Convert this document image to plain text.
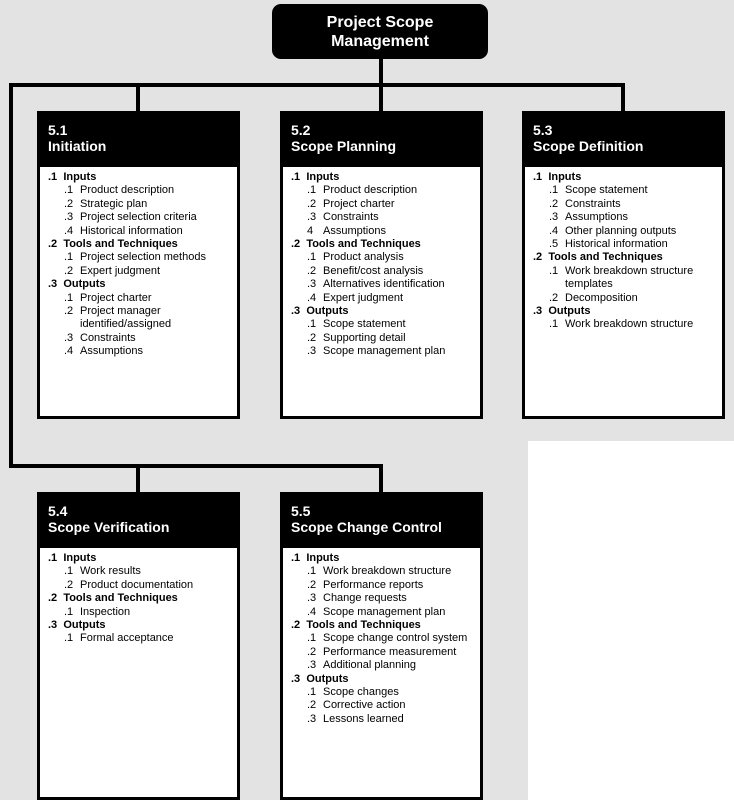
Project Scope
Management
5.1
Initiation
.1 Inputs
.1 Product description
.2 Strategic plan
.3 Project selection criteria
.4 Historical information
.2 Tools and Techniques
.1 Project selection methods
.2 Expert judgment
.3 Outputs
.1 Project charter
.2 Project manager identified/assigned
.3 Constraints
.4 Assumptions
5.2
Scope Planning
.1 Inputs
.1 Product description
.2 Project charter
.3 Constraints
4 Assumptions
.2 Tools and Techniques
.1 Product analysis
.2 Benefit/cost analysis
.3 Alternatives identification
.4 Expert judgment
.3 Outputs
.1 Scope statement
.2 Supporting detail
.3 Scope management plan
5.3
Scope Definition
.1 Inputs
.1 Scope statement
.2 Constraints
.3 Assumptions
.4 Other planning outputs
.5 Historical information
.2 Tools and Techniques
.1 Work breakdown structure templates
.2 Decomposition
.3 Outputs
.1 Work breakdown structure
5.4
Scope Verification
.1 Inputs
.1 Work results
.2 Product documentation
.2 Tools and Techniques
.1 Inspection
.3 Outputs
.1 Formal acceptance
5.5
Scope Change Control
.1 Inputs
.1 Work breakdown structure
.2 Performance reports
.3 Change requests
.4 Scope management plan
.2 Tools and Techniques
.1 Scope change control system
.2 Performance measurement
.3 Additional planning
.3 Outputs
.1 Scope changes
.2 Corrective action
.3 Lessons learned
